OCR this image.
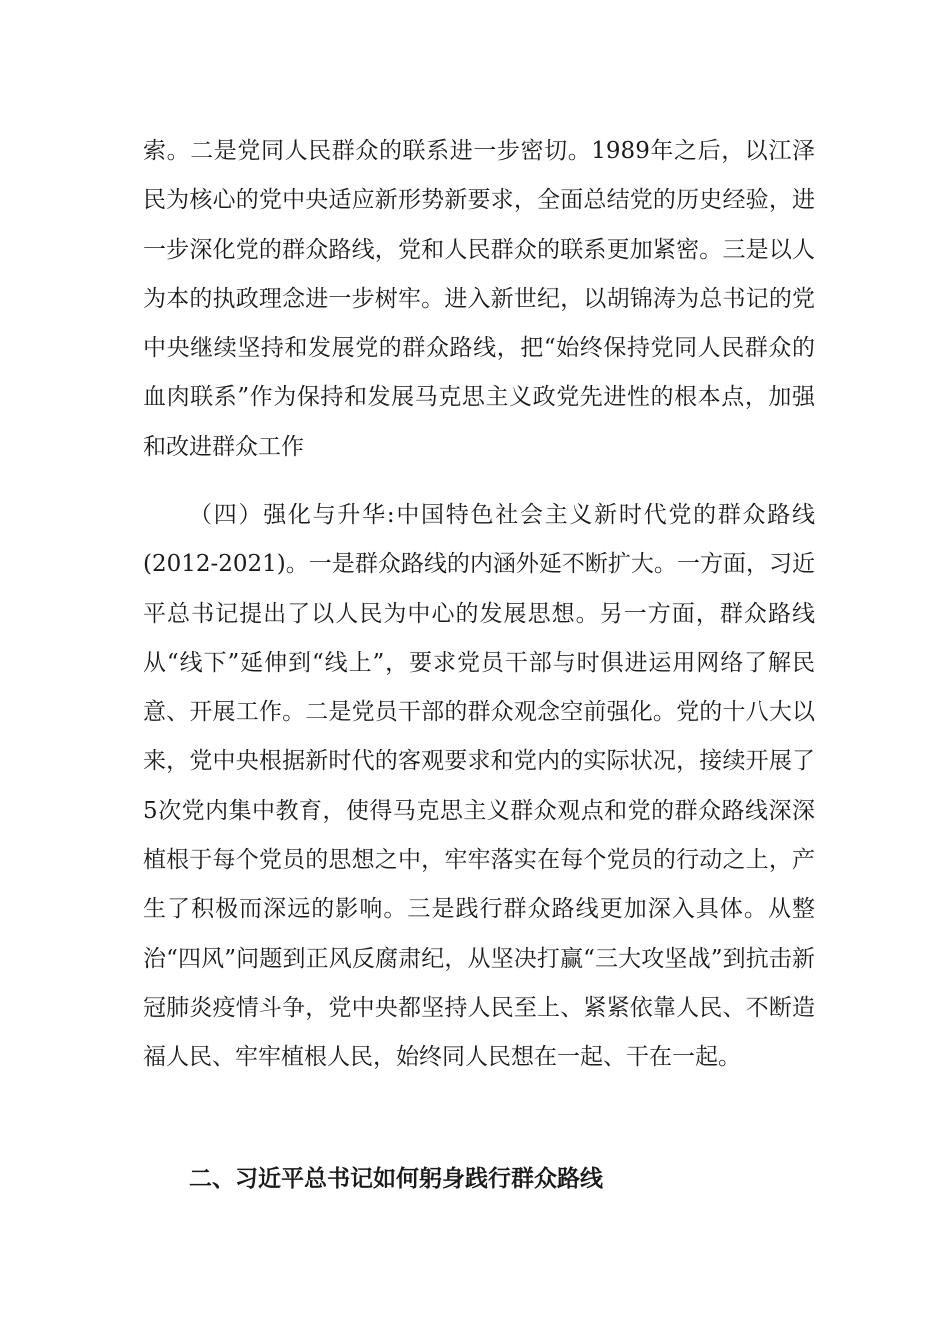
索。二是党同人民群众的联系进一步密切。1989年之后，以江泽民为核心的党中央适应新形势新要求，全面总结党的历史经验，进一步深化党的群众路线，党和人民群众的联系更加紧密。三是以人为本的执政理念进一步树牢。进入新世纪，以胡锦涛为总书记的党中央继续坚持和发展党的群众路线，把“始终保持党同人民群众的血肉联系”作为保持和发展马克思主义政党先进性的根本点，加强和改进群众工作

（四）强化与升华:中国特色社会主义新时代党的群众路线(2012-2021)。一是群众路线的内涵外延不断扩大。一方面，习近平总书记提出了以人民为中心的发展思想。另一方面，群众路线从“线下”延伸到“线上”，要求党员干部与时俱进运用网络了解民意、开展工作。二是党员干部的群众观念空前强化。党的十八大以来，党中央根据新时代的客观要求和党内的实际状况，接续开展了5次党内集中教育，使得马克思主义群众观点和党的群众路线深深植根于每个党员的思想之中，牢牢落实在每个党员的行动之上，产生了积极而深远的影响。三是践行群众路线更加深入具体。从整治“四风”问题到正风反腐肃纪，从坚决打赢“三大攻坚战”到抗击新冠肺炎疫情斗争，党中央都坚持人民至上、紧紧依靠人民、不断造福人民、牢牢植根人民，始终同人民想在一起、干在一起。

二、习近平总书记如何躬身践行群众路线
